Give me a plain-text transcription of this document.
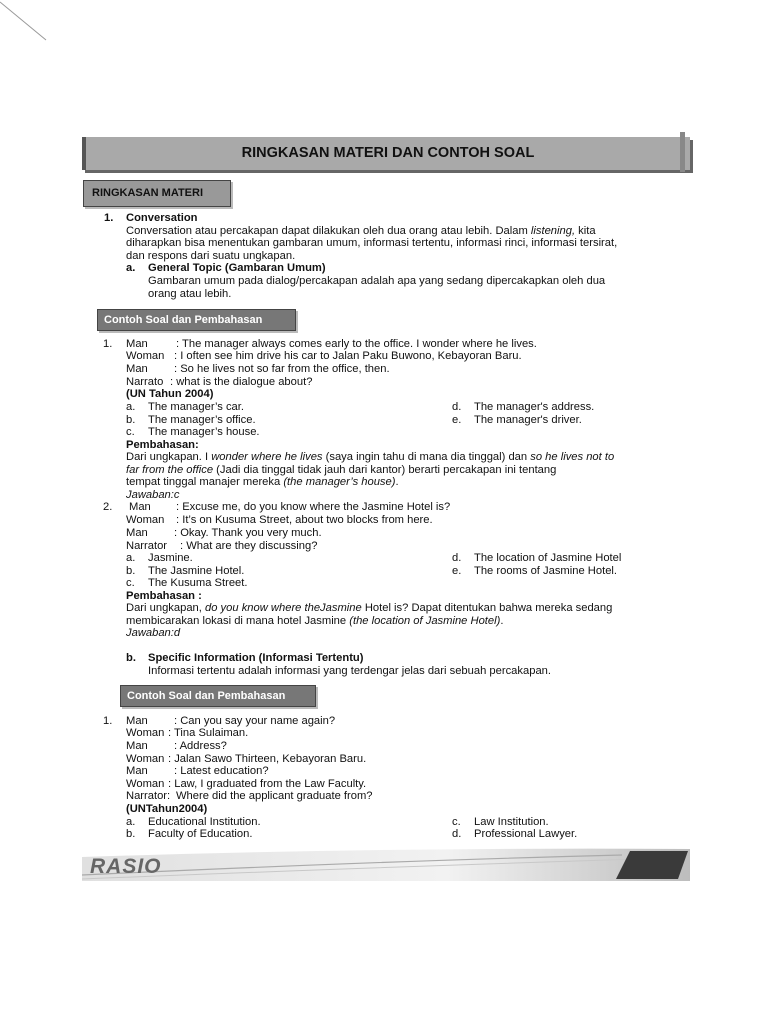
RINGKASAN MATERI DAN CONTOH SOAL
RINGKASAN MATERI
1. Conversation
Conversation atau percakapan dapat dilakukan oleh dua orang atau lebih. Dalam listening, kita
diharapkan bisa menentukan gambaran umum, informasi tertentu, informasi rinci, informasi tersirat,
dan respons dari suatu ungkapan.
a. General Topic (Gambaran Umum)
Gambaran umum pada dialog/percakapan adalah apa yang sedang dipercakapkan oleh dua
orang atau lebih.
Contoh Soal dan Pembahasan
1. Man	: The manager always comes early to the office. I wonder where he lives.
Woman : I often see him drive his car to Jalan Paku Buwono, Kebayoran Baru.
Man : So he lives not so far from the office, then.
Narrato : what is the dialogue about?
(UN Tahun 2004)
a. The manager’s car.
b. The manager’s office.
c. The manager’s house.
d. The manager's address.
e. The manager's driver.
Pembahasan:
Dari ungkapan. I wonder where he lives (saya ingin tahu di mana dia tinggal) dan so he lives not to
far from the office (Jadi dia tinggal tidak jauh dari kantor) berarti percakapan ini tentang
tempat tinggal manajer mereka (the manager’s house).
Jawaban:c
2. Man : Excuse me, do you know where the Jasmine Hotel is?
Woman : It’s on Kusuma Street, about two blocks from here.
Man : Okay. Thank you very much.
Narrator : What are they discussing?
a. Jasmine.
b. The Jasmine Hotel.
c. The Kusuma Street.
d. The location of Jasmine Hotel
e. The rooms of Jasmine Hotel.
Pembahasan :
Dari ungkapan, do you know where theJasmine Hotel is? Dapat ditentukan bahwa mereka sedang
membicarakan lokasi di mana hotel Jasmine (the location of Jasmine Hotel).
Jawaban:d
b. Specific Information (Informasi Tertentu)
Informasi tertentu adalah informasi yang terdengar jelas dari sebuah percakapan.
Contoh Soal dan Pembahasan
1. Man : Can you say your name again?
Woman : Tina Sulaiman.
Man : Address?
Woman : Jalan Sawo Thirteen, Kebayoran Baru.
Man : Latest education?
Woman : Law, I graduated from the Law Faculty.
Narrator: Where did the applicant graduate from?
(UNTahun2004)
a. Educational Institution.
b. Faculty of Education.
c. Law Institution.
d. Professional Lawyer.
RASIO
